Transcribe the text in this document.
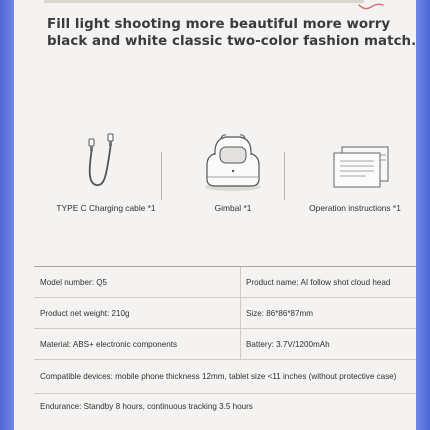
Fill light shooting more beautiful more worry
black and white classic two-color fashion match.
TYPE C Charging cable *1	Gimbal *1	Operation instructions *1
Model number: Q5	Product name: AI follow shot cloud head
Product net weight: 210g	Size: 86*86*87mm
Material: ABS+ electronic components	Battery: 3.7V/1200mAh
Compatible devices: mobile phone thickness 12mm, tablet size <11 inches (without protective case)
Endurance: Standby 8 hours, continuous tracking 3.5 hours
